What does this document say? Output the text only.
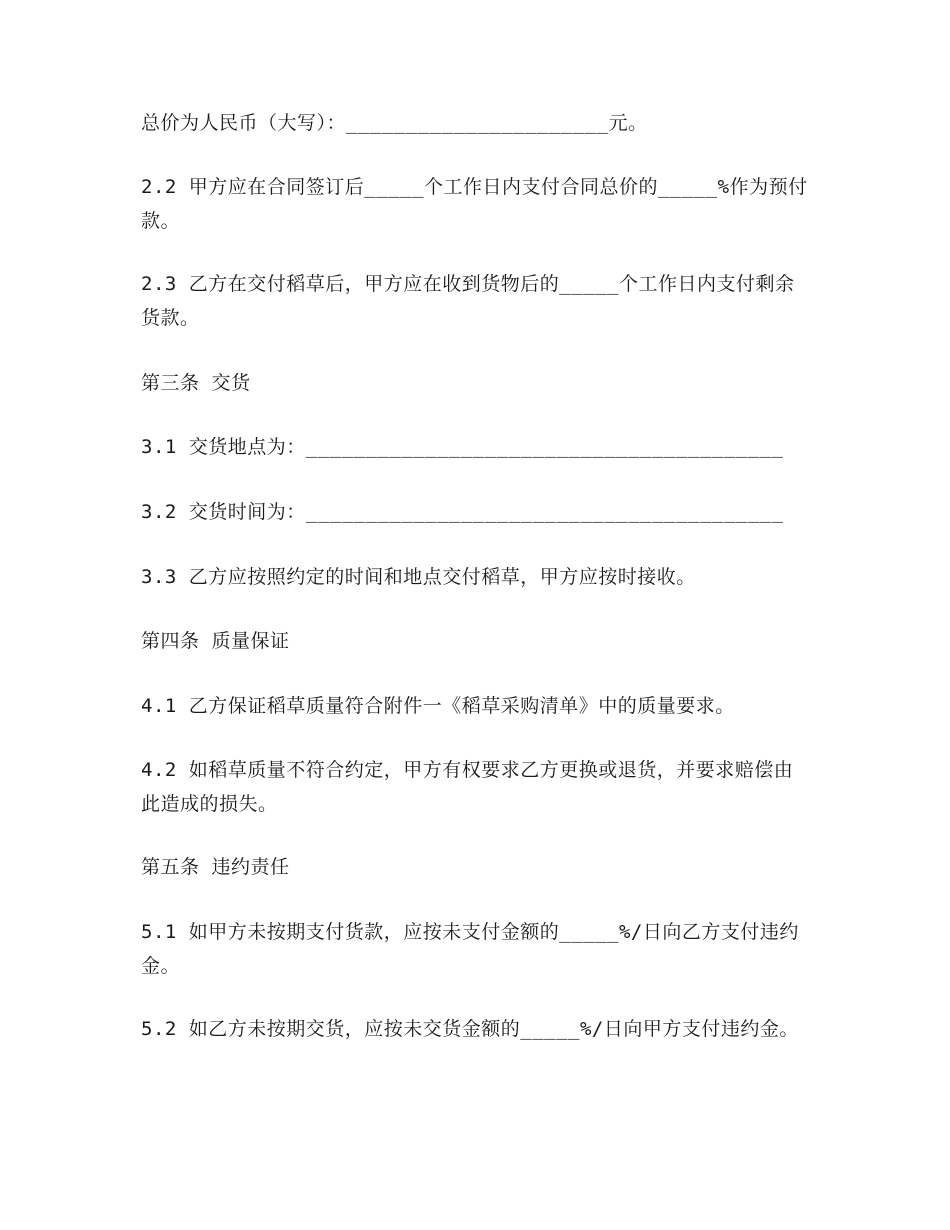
总价为人民币（大写）：______________________元。
2.2 甲方应在合同签订后_____个工作日内支付合同总价的_____%作为预付款。
2.3 乙方在交付稻草后，甲方应在收到货物后的_____个工作日内支付剩余货款。
第三条 交货
3.1 交货地点为：________________________________________
3.2 交货时间为：________________________________________
3.3 乙方应按照约定的时间和地点交付稻草，甲方应按时接收。
第四条 质量保证
4.1 乙方保证稻草质量符合附件一《稻草采购清单》中的质量要求。
4.2 如稻草质量不符合约定，甲方有权要求乙方更换或退货，并要求赔偿由此造成的损失。
第五条 违约责任
5.1 如甲方未按期支付货款，应按未支付金额的_____%/日向乙方支付违约金。
5.2 如乙方未按期交货，应按未交货金额的_____%/日向甲方支付违约金。
